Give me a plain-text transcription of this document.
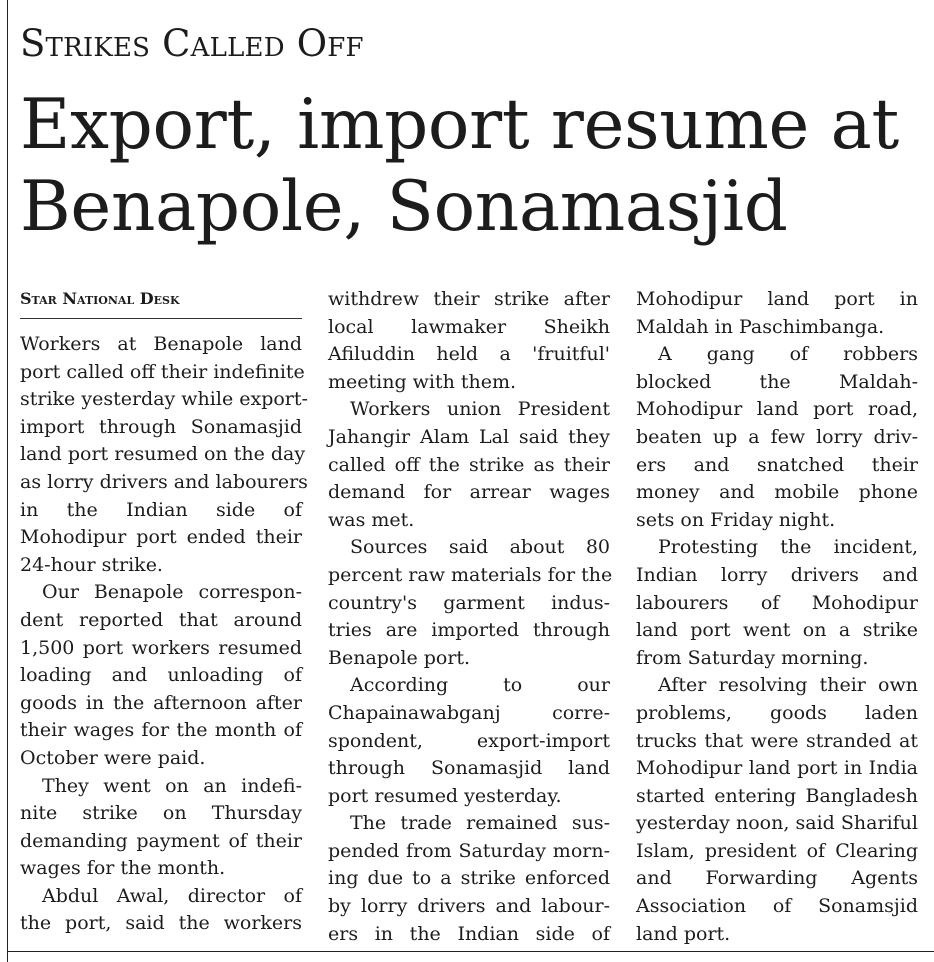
Strikes Called Off
Export, import resume at
Benapole, Sonamasjid
Star National Desk
Workers at Benapole land
port called off their indefinite
strike yesterday while export-
import through Sonamasjid
land port resumed on the day
as lorry drivers and labourers
in the Indian side of
Mohodipur port ended their
24-hour strike.
Our Benapole correspon-
dent reported that around
1,500 port workers resumed
loading and unloading of
goods in the afternoon after
their wages for the month of
October were paid.
They went on an indefi-
nite strike on Thursday
demanding payment of their
wages for the month.
Abdul Awal, director of
the port, said the workers
withdrew their strike after
local lawmaker Sheikh
Afiluddin held a 'fruitful'
meeting with them.
Workers union President
Jahangir Alam Lal said they
called off the strike as their
demand for arrear wages
was met.
Sources said about 80
percent raw materials for the
country's garment indus-
tries are imported through
Benapole port.
According to our
Chapainawabganj corre-
spondent, export-import
through Sonamasjid land
port resumed yesterday.
The trade remained sus-
pended from Saturday morn-
ing due to a strike enforced
by lorry drivers and labour-
ers in the Indian side of
Mohodipur land port in
Maldah in Paschimbanga.
A gang of robbers
blocked the Maldah-
Mohodipur land port road,
beaten up a few lorry driv-
ers and snatched their
money and mobile phone
sets on Friday night.
Protesting the incident,
Indian lorry drivers and
labourers of Mohodipur
land port went on a strike
from Saturday morning.
After resolving their own
problems, goods laden
trucks that were stranded at
Mohodipur land port in India
started entering Bangladesh
yesterday noon, said Shariful
Islam, president of Clearing
and Forwarding Agents
Association of Sonamsjid
land port.
